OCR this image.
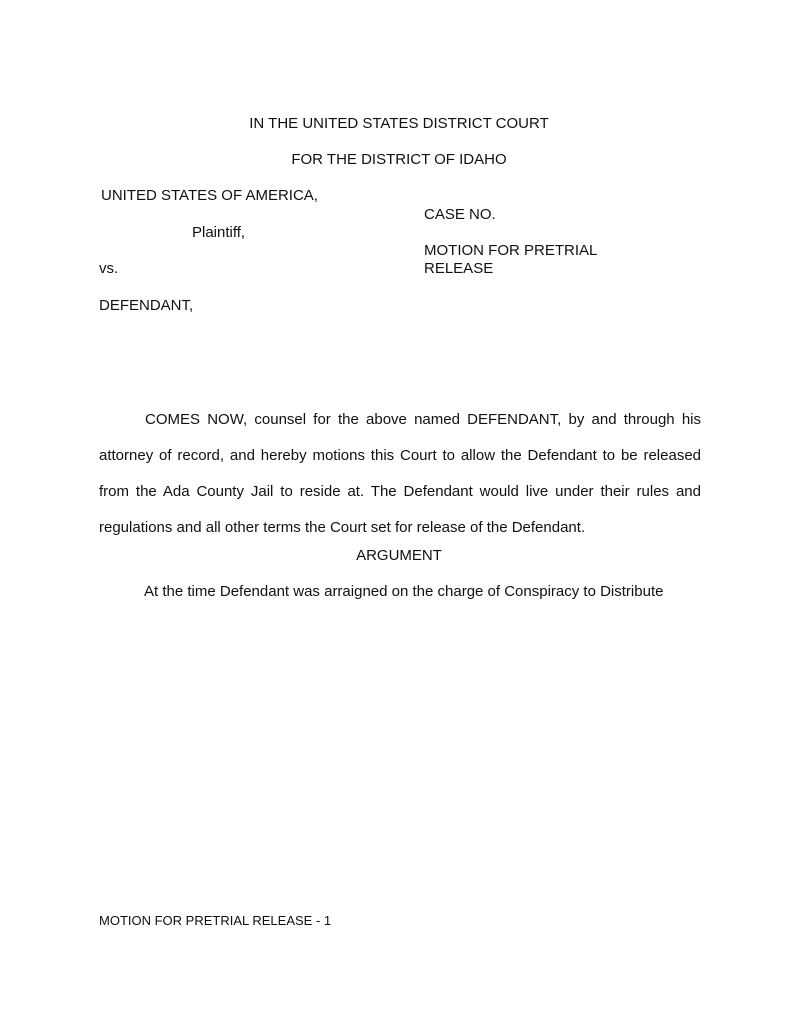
IN THE UNITED STATES DISTRICT COURT
FOR THE DISTRICT OF IDAHO
UNITED STATES OF AMERICA,
Plaintiff,
vs.
DEFENDANT,
CASE NO.
MOTION FOR PRETRIAL
RELEASE

COMES NOW, counsel for the above named DEFENDANT, by and through his attorney of record, and hereby motions this Court to allow the Defendant to be released from the Ada County Jail to reside at. The Defendant would live under their rules and regulations and all other terms the Court set for release of the Defendant.

ARGUMENT
At the time Defendant was arraigned on the charge of Conspiracy to Distribute
MOTION FOR PRETRIAL RELEASE - 1
